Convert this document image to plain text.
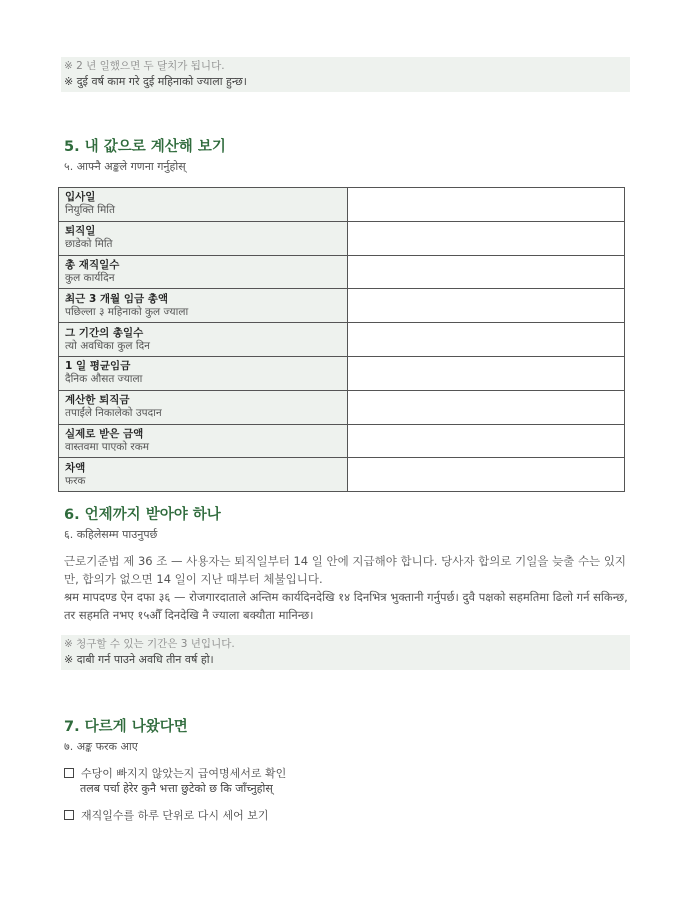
※ 2 년 일했으면 두 달치가 됩니다.
※ दुई वर्ष काम गरे दुई महिनाको ज्याला हुन्छ।
5. 내 값으로 계산해 보기
५. आफ्नै अङ्कले गणना गर्नुहोस्
입사일
नियुक्ति मिति	

퇴직일
छाडेको मिति	

총 재직일수
कुल कार्यदिन	

최근 3 개월 임금 총액
पछिल्ला ३ महिनाको कुल ज्याला	

그 기간의 총일수
त्यो अवधिका कुल दिन	

1 일 평균임금
दैनिक औसत ज्याला	

계산한 퇴직금
तपाईंले निकालेको उपदान	

실제로 받은 금액
वास्तवमा पाएको रकम	

차액
फरक	

6. 언제까지 받아야 하나
६. कहिलेसम्म पाउनुपर्छ
근로기준법 제 36 조 — 사용자는 퇴직일부터 14 일 안에 지급해야 합니다. 당사자 합의로 기일을 늦출 수는 있지만, 합의가 없으면 14 일이 지난 때부터 체불입니다.
श्रम मापदण्ड ऐन दफा ३६ — रोजगारदाताले अन्तिम कार्यदिनदेखि १४ दिनभित्र भुक्तानी गर्नुपर्छ। दुवै पक्षको सहमतिमा ढिलो गर्न सकिन्छ, तर सहमति नभए १५औँ दिनदेखि नै ज्याला बक्यौता मानिन्छ।
※ 청구할 수 있는 기간은 3 년입니다.
※ दाबी गर्न पाउने अवधि तीन वर्ष हो।
7. 다르게 나왔다면
७. अङ्क फरक आए
수당이 빠지지 않았는지 급여명세서로 확인
तलब पर्चा हेरेर कुनै भत्ता छुटेको छ कि जाँच्नुहोस्
재직일수를 하루 단위로 다시 세어 보기
